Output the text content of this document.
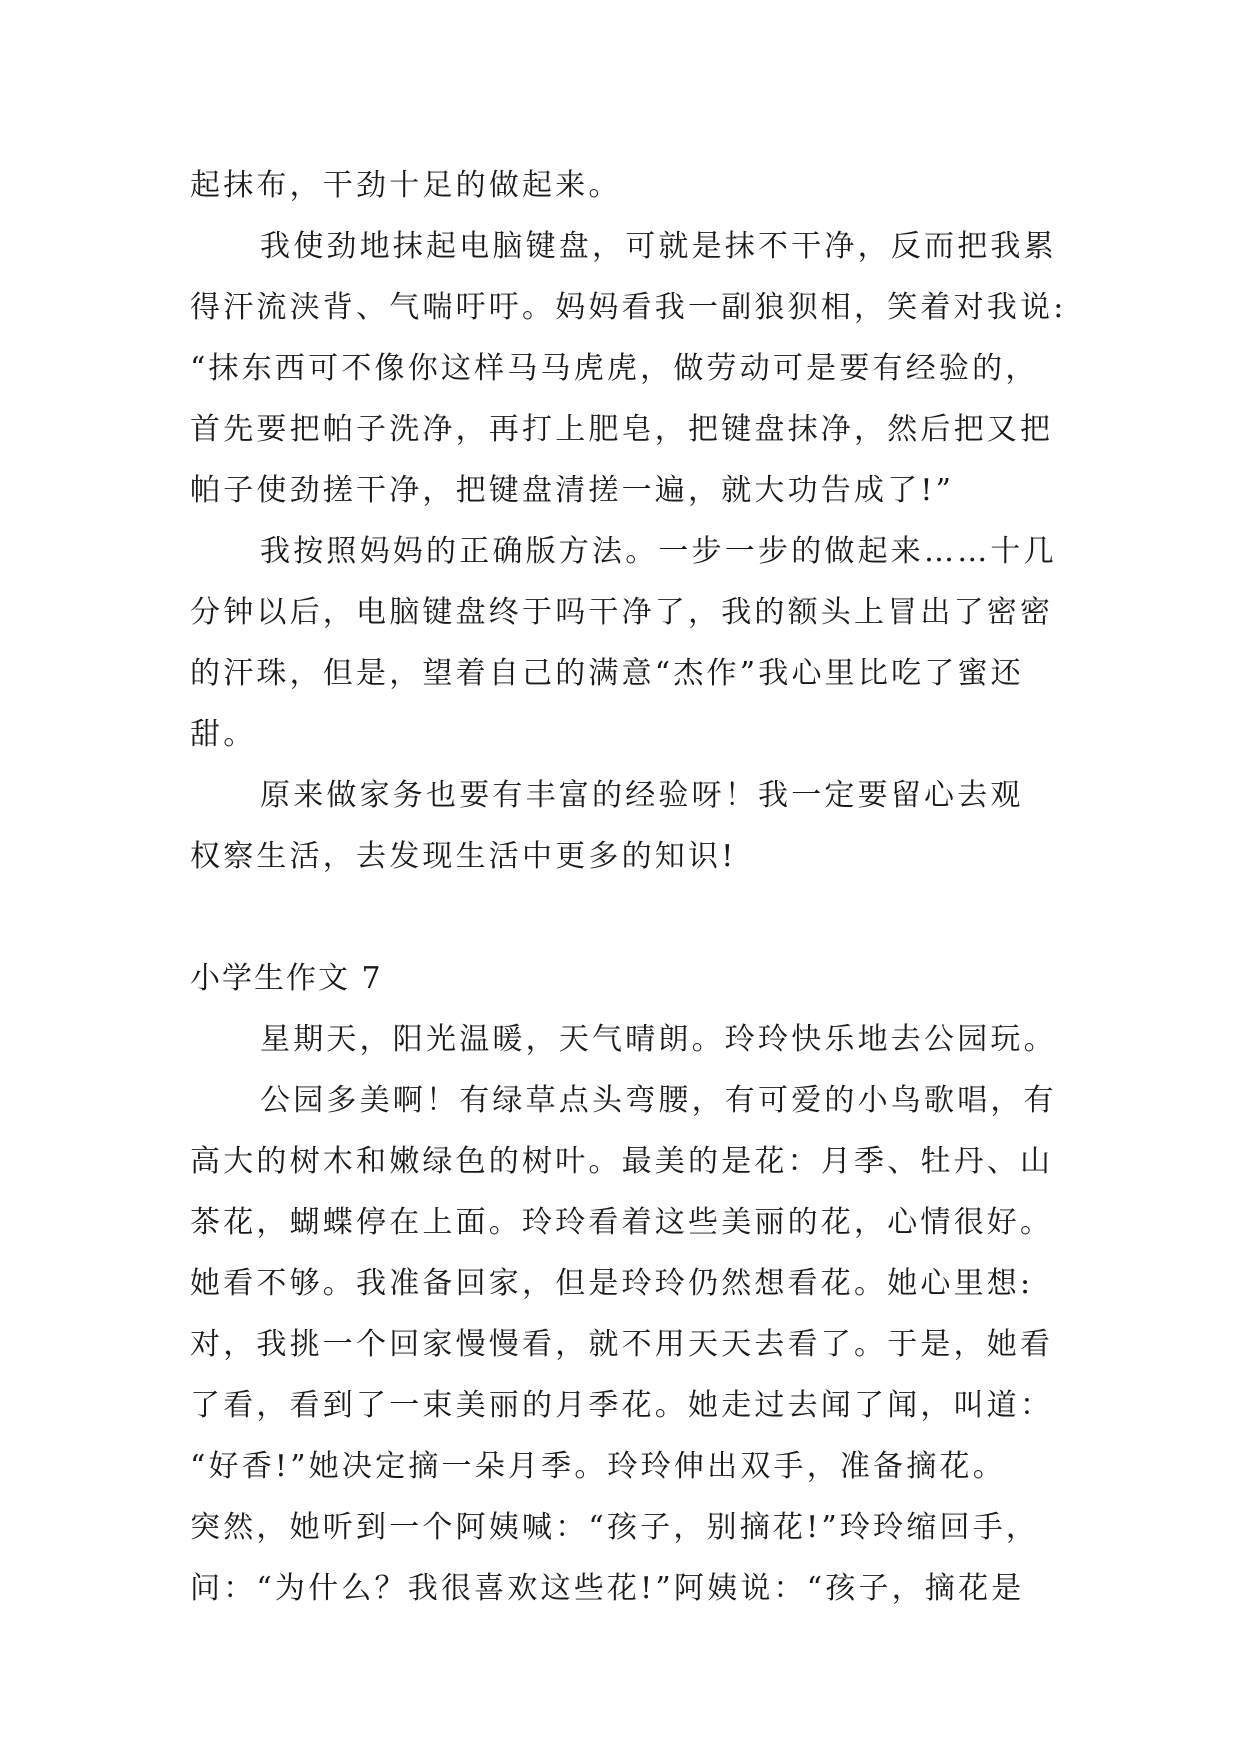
起抹布，干劲十足的做起来。
我使劲地抹起电脑键盘，可就是抹不干净，反而把我累
得汗流浃背、气喘吁吁。妈妈看我一副狼狈相，笑着对我说:
“抹东西可不像你这样马马虎虎，做劳动可是要有经验的，
首先要把帕子洗净，再打上肥皂，把键盘抹净，然后把又把
帕子使劲搓干净，把键盘清搓一遍，就大功告成了!”
我按照妈妈的正确版方法。一步一步的做起来……十几
分钟以后，电脑键盘终于吗干净了，我的额头上冒出了密密
的汗珠，但是，望着自己的满意“杰作”我心里比吃了蜜还
甜。
原来做家务也要有丰富的经验呀！我一定要留心去观
权察生活，去发现生活中更多的知识!
小学生作文 7
星期天，阳光温暖，天气晴朗。玲玲快乐地去公园玩。
公园多美啊！有绿草点头弯腰，有可爱的小鸟歌唱，有
高大的树木和嫩绿色的树叶。最美的是花：月季、牡丹、山
茶花，蝴蝶停在上面。玲玲看着这些美丽的花，心情很好。
她看不够。我准备回家，但是玲玲仍然想看花。她心里想:
对，我挑一个回家慢慢看，就不用天天去看了。于是，她看
了看，看到了一束美丽的月季花。她走过去闻了闻，叫道：
“好香!”她决定摘一朵月季。玲玲伸出双手，准备摘花。
突然，她听到一个阿姨喊：“孩子，别摘花!”玲玲缩回手，
问：“为什么？我很喜欢这些花!”阿姨说：“孩子，摘花是
